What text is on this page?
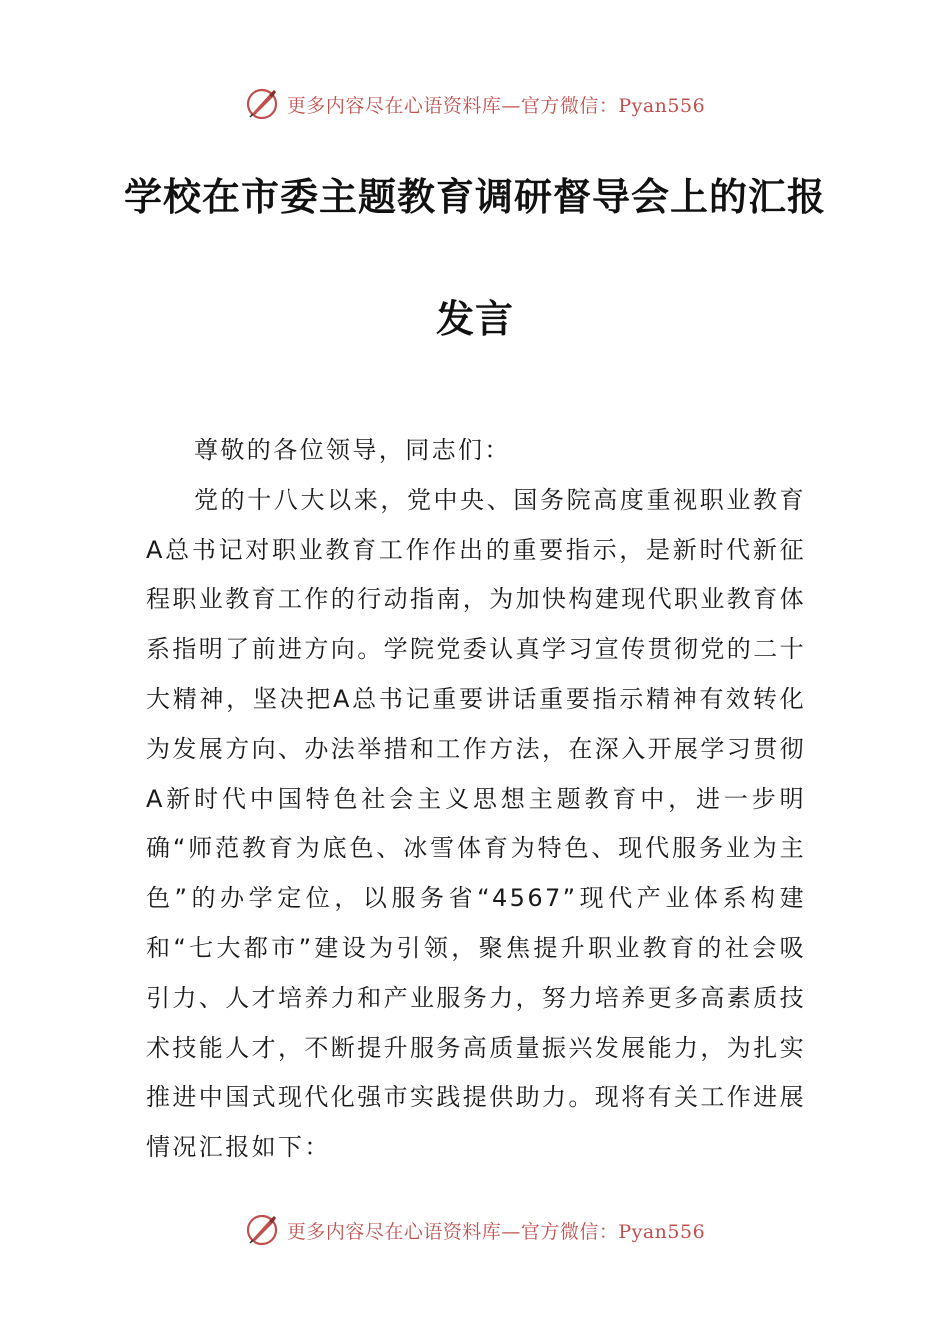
更多内容尽在心语资料库—官方微信：Pyan556
学校在市委主题教育调研督导会上的汇报
发言

尊敬的各位领导，同志们：

党的十八大以来，党中央、国务院高度重视职业教育A总书记对职业教育工作作出的重要指示，是新时代新征程职业教育工作的行动指南，为加快构建现代职业教育体系指明了前进方向。学院党委认真学习宣传贯彻党的二十大精神，坚决把A总书记重要讲话重要指示精神有效转化为发展方向、办法举措和工作方法，在深入开展学习贯彻A新时代中国特色社会主义思想主题教育中，进一步明确“师范教育为底色、冰雪体育为特色、现代服务业为主色”的办学定位，以服务省“4567”现代产业体系构建和“七大都市”建设为引领，聚焦提升职业教育的社会吸引力、人才培养力和产业服务力，努力培养更多高素质技术技能人才，不断提升服务高质量振兴发展能力，为扎实推进中国式现代化强市实践提供助力。现将有关工作进展情况汇报如下：

更多内容尽在心语资料库—官方微信：Pyan556
